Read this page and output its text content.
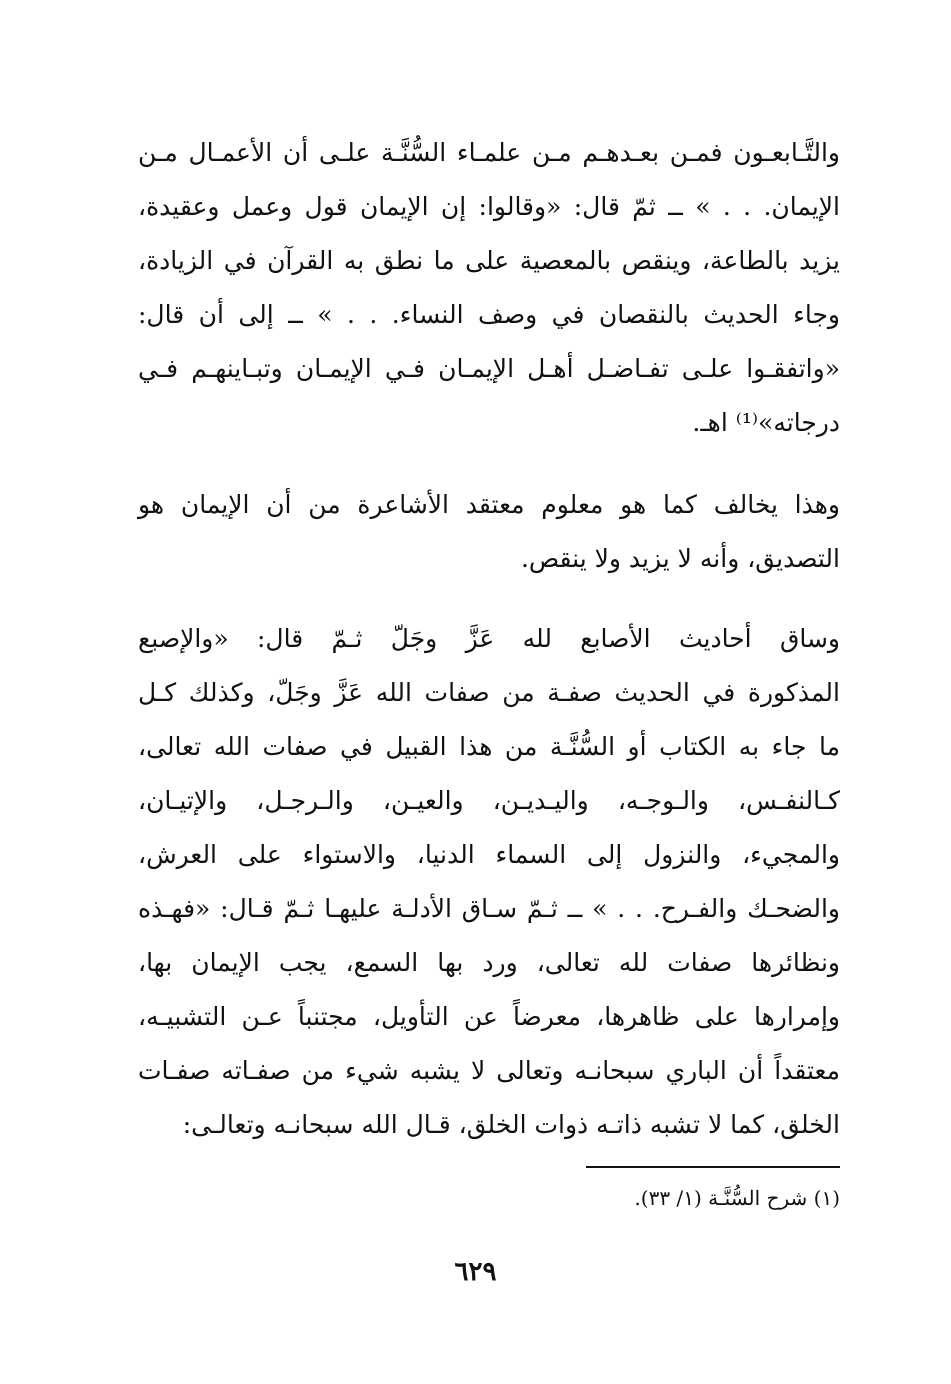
والتَّـابعـون فمـن بعـدهـم مـن علمـاء السُّنَّـة علـى أن الأعمـال مـن
الإيمان. . . » ــ ثمّ قال: «وقالوا: إن الإيمان قول وعمل وعقيدة،
يزيد بالطاعة، وينقص بالمعصية على ما نطق به القرآن في الزيادة،
وجاء الحديث بالنقصان في وصف النساء. . . » ــ إلى أن قال:
«واتفقـوا علـى تفـاضـل أهـل الإيمـان فـي الإيمـان وتبـاينهـم فـي
درجاته»⁽¹⁾ اهـ.
وهذا يخالف كما هو معلوم معتقد الأشاعرة من أن الإيمان هو
التصديق، وأنه لا يزيد ولا ينقص.
وساق أحاديث الأصابع لله عَزَّ وجَلّ ثـمّ قال: «والإصبع
المذكورة في الحديث صفـة من صفات الله عَزَّ وجَلّ، وكذلك كـل
ما جاء به الكتاب أو السُّنَّـة من هذا القبيل في صفات الله تعالى،
كـالنفـس، والـوجـه، واليـديـن، والعيـن، والـرجـل، والإتيـان،
والمجيء، والنزول إلى السماء الدنيا، والاستواء على العرش،
والضحـك والفـرح. . . » ــ ثـمّ سـاق الأدلـة عليهـا ثـمّ قـال: «فهـذه
ونظائرها صفات لله تعالى، ورد بها السمع، يجب الإيمان بها،
وإمرارها على ظاهرها، معرضاً عن التأويل، مجتنباً عـن التشبيـه،
معتقداً أن الباري سبحانـه وتعالى لا يشبه شيء من صفـاته صفـات
الخلق، كما لا تشبه ذاتـه ذوات الخلق، قـال الله سبحانـه وتعالـى:
(١) شرح السُّنَّـة (١/ ٣٣).
٦٢٩
